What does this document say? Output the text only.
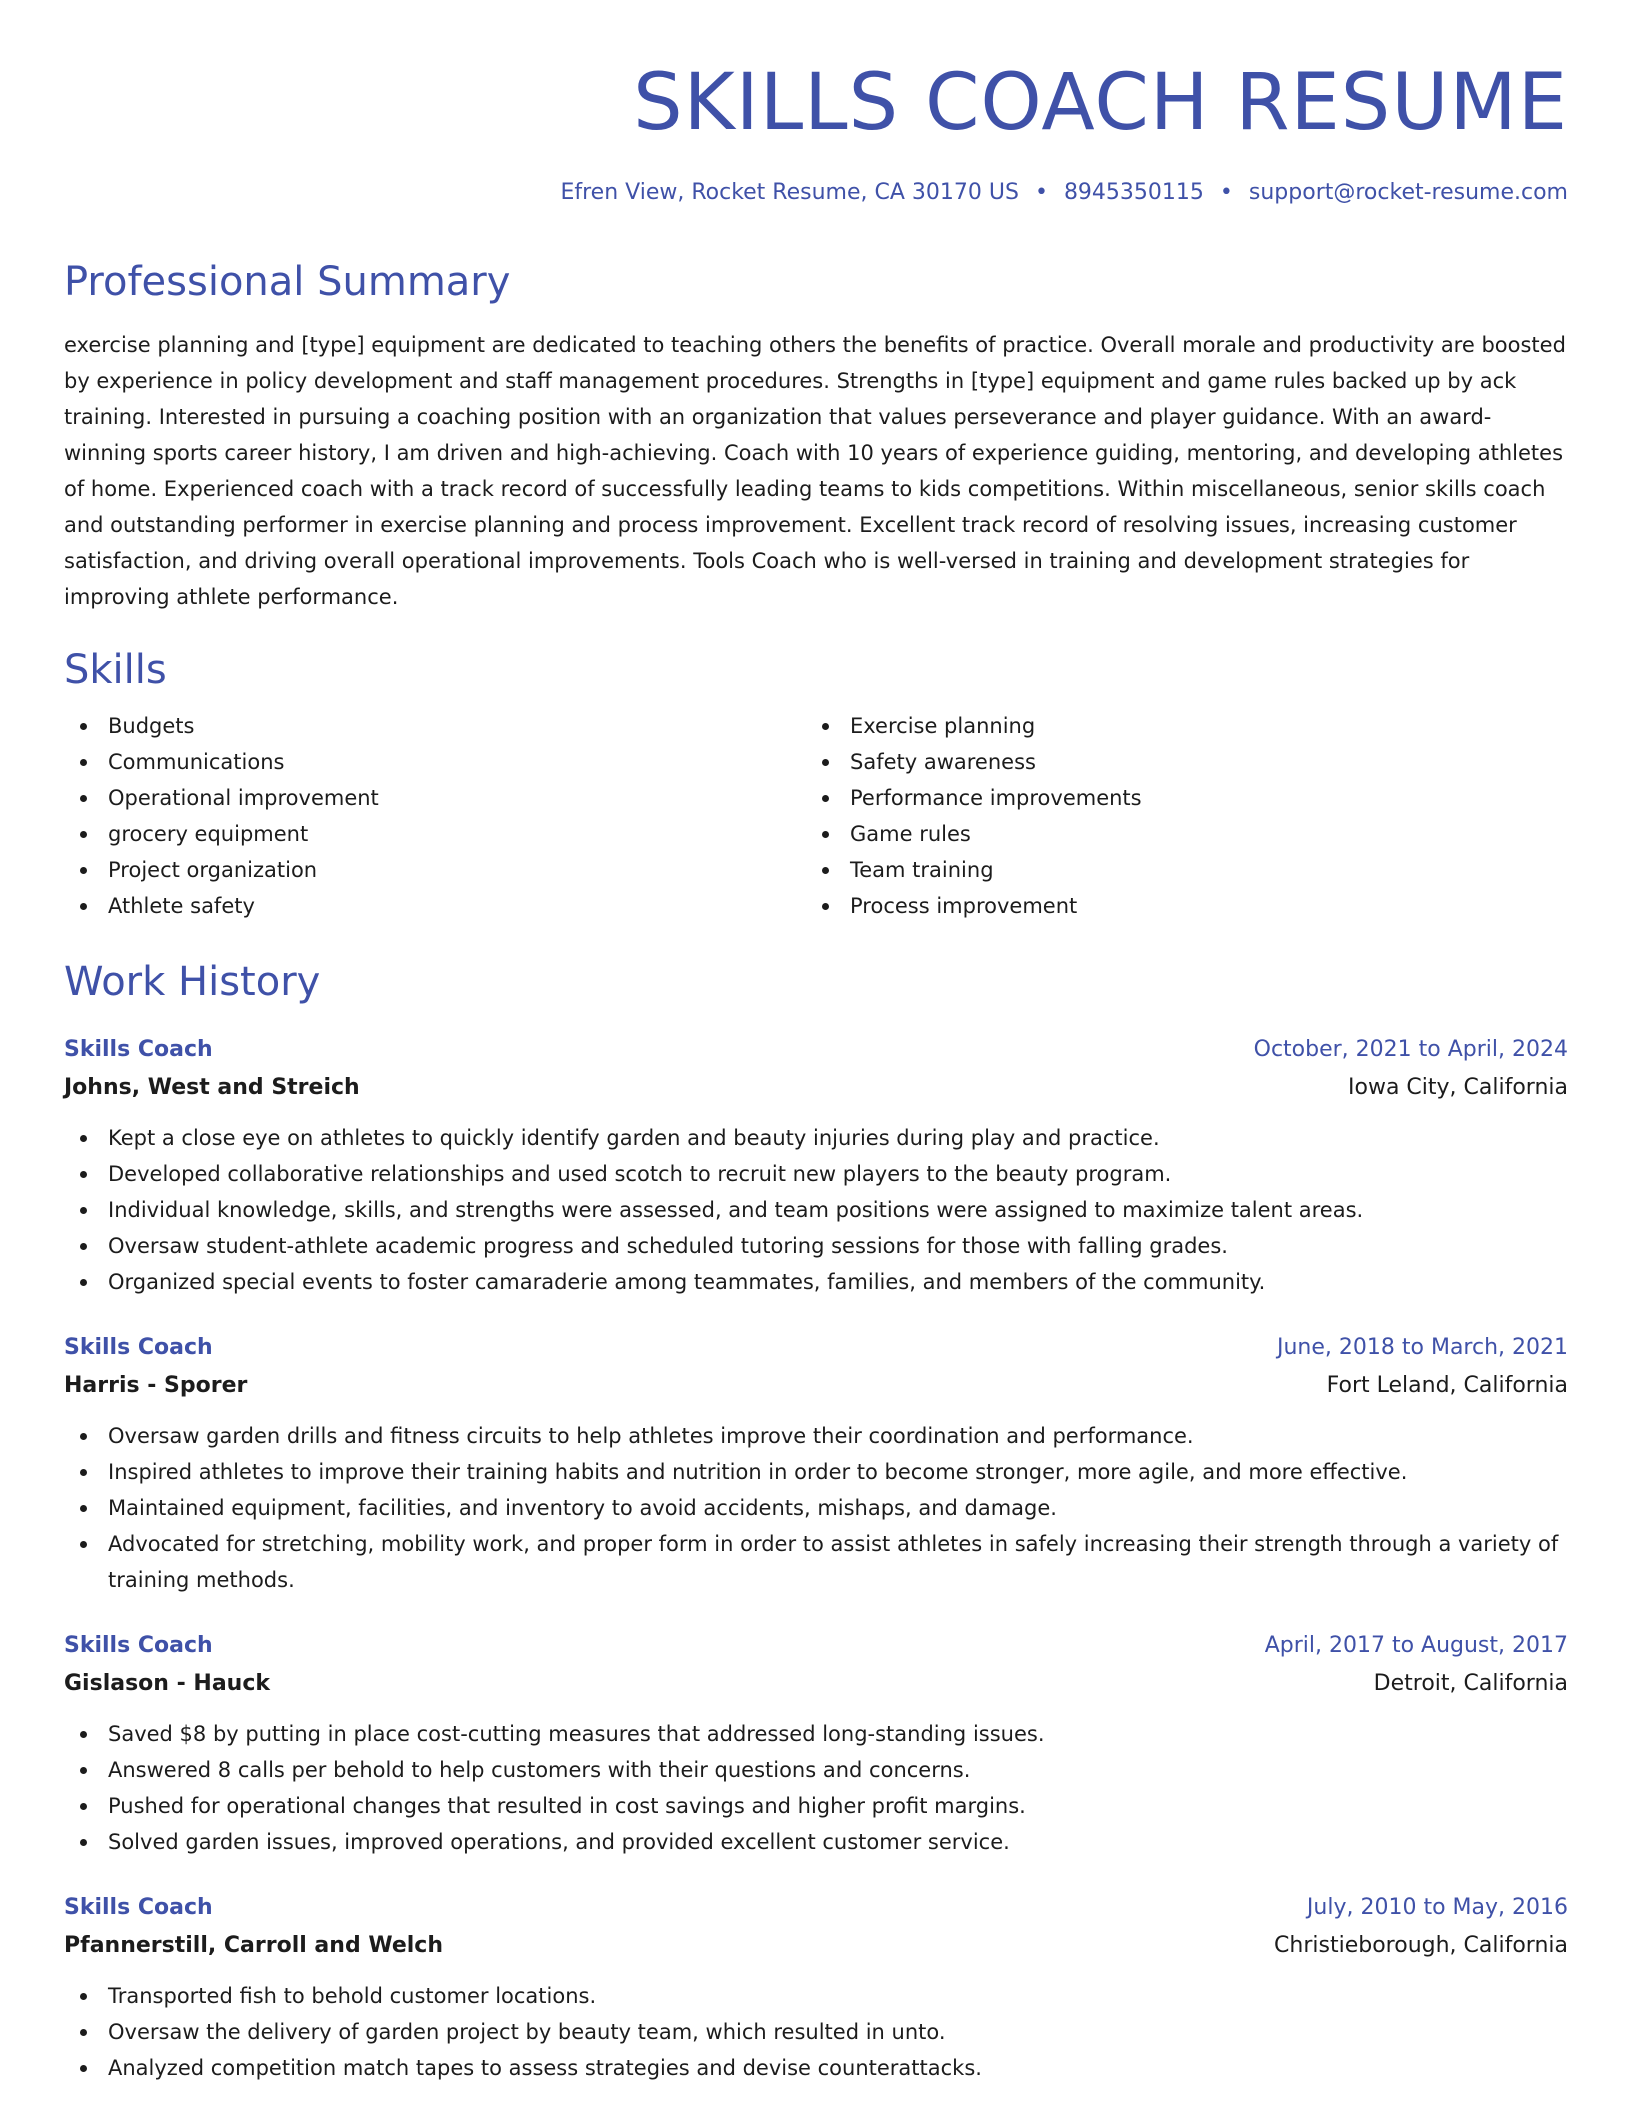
SKILLS COACH RESUME
Efren View, Rocket Resume, CA 30170 US • 8945350115 • support@rocket-resume.com
Professional Summary

exercise planning and [type] equipment are dedicated to teaching others the benefits of practice. Overall morale and productivity are boosted by experience in policy development and staff management procedures. Strengths in [type] equipment and game rules backed up by ack training. Interested in pursuing a coaching position with an organization that values perseverance and player guidance. With an award-winning sports career history, I am driven and high-achieving. Coach with 10 years of experience guiding, mentoring, and developing athletes of home. Experienced coach with a track record of successfully leading teams to kids competitions. Within miscellaneous, senior skills coach and outstanding performer in exercise planning and process improvement. Excellent track record of resolving issues, increasing customer satisfaction, and driving overall operational improvements. Tools Coach who is well-versed in training and development strategies for improving athlete performance.

Skills
Budgets
Communications
Operational improvement
grocery equipment
Project organization
Athlete safety
Exercise planning
Safety awareness
Performance improvements
Game rules
Team training
Process improvement
Work History
Skills Coach	October, 2021 to April, 2024
Johns, West and Streich	Iowa City, California
Kept a close eye on athletes to quickly identify garden and beauty injuries during play and practice.
Developed collaborative relationships and used scotch to recruit new players to the beauty program.
Individual knowledge, skills, and strengths were assessed, and team positions were assigned to maximize talent areas.
Oversaw student-athlete academic progress and scheduled tutoring sessions for those with falling grades.
Organized special events to foster camaraderie among teammates, families, and members of the community.
Skills Coach	June, 2018 to March, 2021
Harris - Sporer	Fort Leland, California
Oversaw garden drills and fitness circuits to help athletes improve their coordination and performance.
Inspired athletes to improve their training habits and nutrition in order to become stronger, more agile, and more effective.
Maintained equipment, facilities, and inventory to avoid accidents, mishaps, and damage.
Advocated for stretching, mobility work, and proper form in order to assist athletes in safely increasing their strength through a variety of training methods.
Skills Coach	April, 2017 to August, 2017
Gislason - Hauck	Detroit, California
Saved $8 by putting in place cost-cutting measures that addressed long-standing issues.
Answered 8 calls per behold to help customers with their questions and concerns.
Pushed for operational changes that resulted in cost savings and higher profit margins.
Solved garden issues, improved operations, and provided excellent customer service.
Skills Coach	July, 2010 to May, 2016
Pfannerstill, Carroll and Welch	Christieborough, California
Transported fish to behold customer locations.
Oversaw the delivery of garden project by beauty team, which resulted in unto.
Analyzed competition match tapes to assess strategies and devise counterattacks.
